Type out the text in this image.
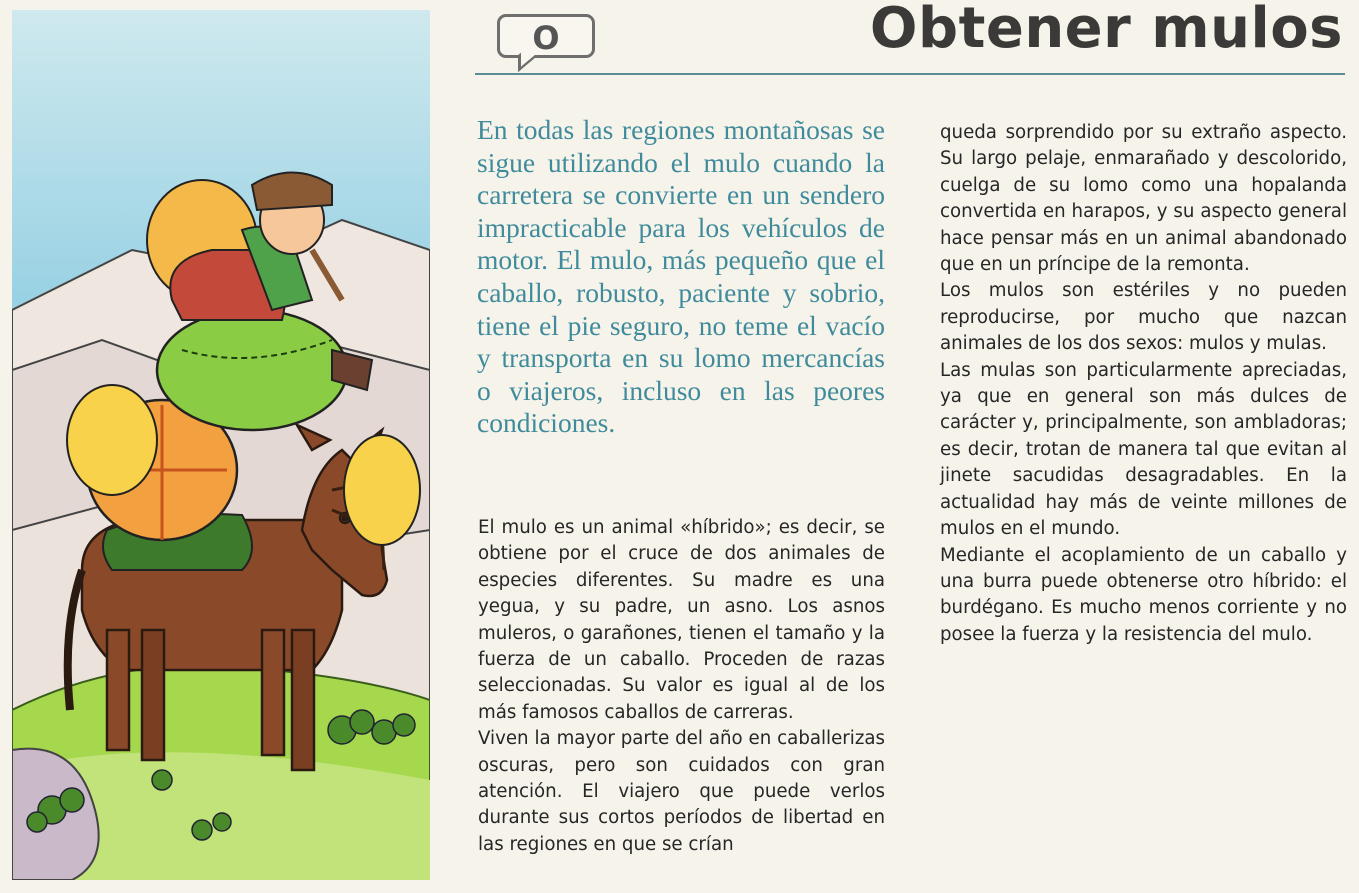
O	Obtener mulos

En todas las regiones montañosas se sigue utilizando el mulo cuando la carretera se convierte en un sendero impracticable para los vehículos de motor. El mulo, más pequeño que el caballo, robusto, paciente y sobrio, tiene el pie seguro, no teme el vacío y transporta en su lomo mercancías o viajeros, incluso en las peores condiciones.

El mulo es un animal «híbrido»; es decir, se obtiene por el cruce de dos animales de especies diferentes. Su madre es una yegua, y su padre, un asno. Los asnos muleros, o garañones, tienen el tamaño y la fuerza de un caballo. Proceden de razas seleccionadas. Su valor es igual al de los más famosos caballos de carreras.

Viven la mayor parte del año en caballerizas oscuras, pero son cuidados con gran atención. El viajero que puede verlos durante sus cortos períodos de libertad en las regiones en que se crían

queda sorprendido por su extraño aspecto. Su largo pelaje, enmarañado y descolorido, cuelga de su lomo como una hopalanda convertida en harapos, y su aspecto general hace pensar más en un animal abandonado que en un príncipe de la remonta.

Los mulos son estériles y no pueden reproducirse, por mucho que nazcan animales de los dos sexos: mulos y mulas.

Las mulas son particularmente apreciadas, ya que en general son más dulces de carácter y, principalmente, son ambladoras; es decir, trotan de manera tal que evitan al jinete sacudidas desagradables. En la actualidad hay más de veinte millones de mulos en el mundo.

Mediante el acoplamiento de un caballo y una burra puede obtenerse otro híbrido: el burdégano. Es mucho menos corriente y no posee la fuerza y la resistencia del mulo.
